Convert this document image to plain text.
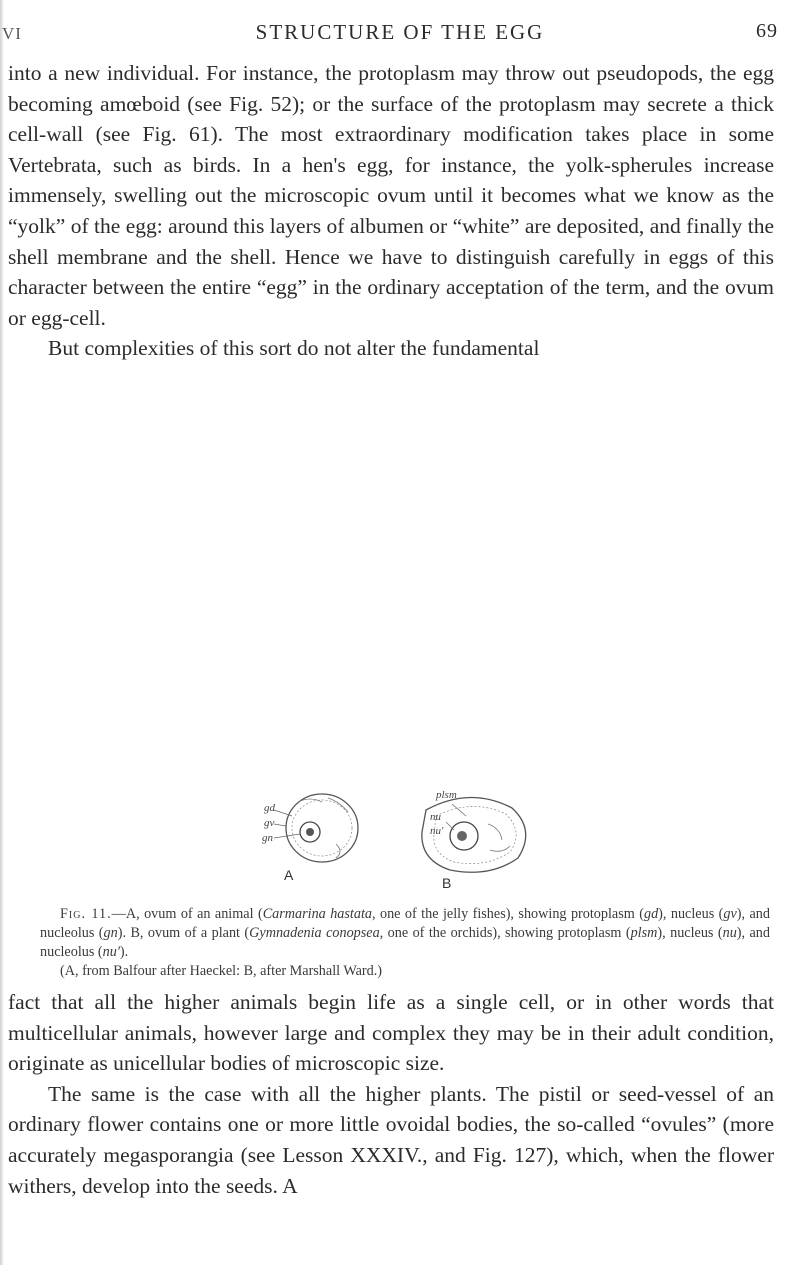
VI	STRUCTURE OF THE EGG	69

into a new individual. For instance, the protoplasm may throw out pseudopods, the egg becoming amœboid (see Fig. 52); or the surface of the protoplasm may secrete a thick cell-wall (see Fig. 61). The most extraordinary modification takes place in some Vertebrata, such as birds. In a hen's egg, for instance, the yolk-spherules increase immensely, swelling out the microscopic ovum until it becomes what we know as the “yolk” of the egg: around this layers of albumen or “white” are deposited, and finally the shell membrane and the shell. Hence we have to distinguish carefully in eggs of this character between the entire “egg” in the ordinary acceptation of the term, and the ovum or egg-cell.

But complexities of this sort do not alter the fundamental

gd
gv
gn
A
plsm
nu
nu'
B
Fig. 11.—A, ovum of an animal (Carmarina hastata, one of the jelly fishes), showing protoplasm (gd), nucleus (gv), and nucleolus (gn). B, ovum of a plant (Gymnadenia conopsea, one of the orchids), showing protoplasm (plsm), nucleus (nu), and nucleolus (nu').
(A, from Balfour after Haeckel: B, after Marshall Ward.)

fact that all the higher animals begin life as a single cell, or in other words that multicellular animals, however large and complex they may be in their adult condition, originate as unicellular bodies of microscopic size.

The same is the case with all the higher plants. The pistil or seed-vessel of an ordinary flower contains one or more little ovoidal bodies, the so-called “ovules” (more accurately megasporangia (see Lesson XXXIV., and Fig. 127), which, when the flower withers, develop into the seeds. A
